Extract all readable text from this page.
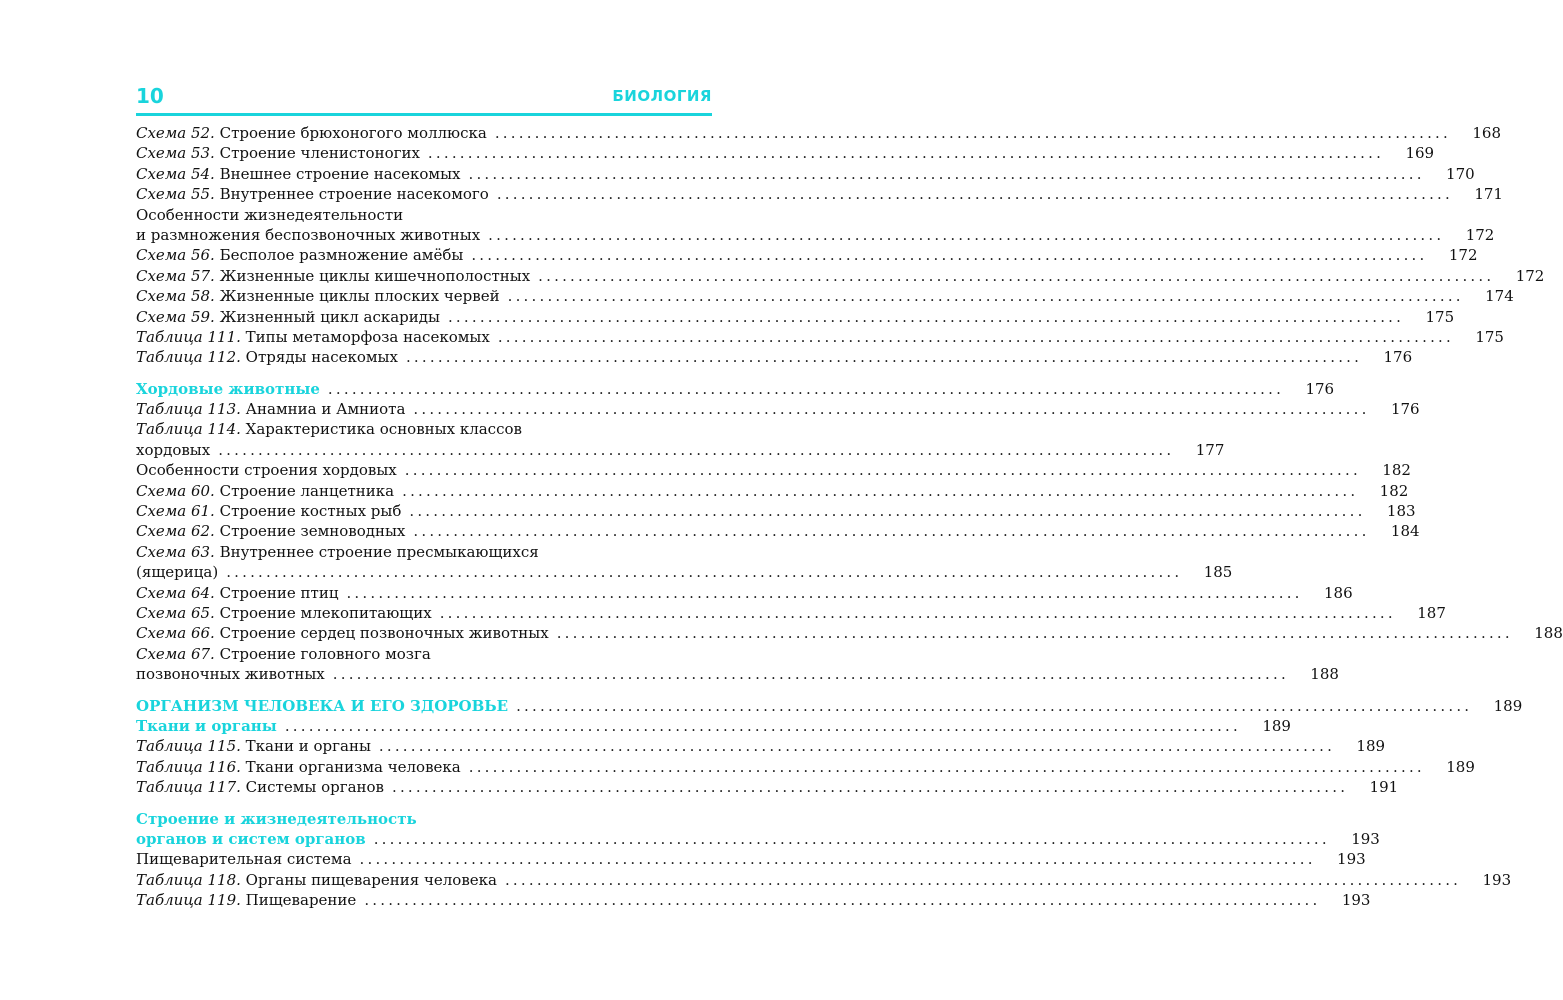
10	БИОЛОГИЯ
Схема 52. Строение брюхоногого моллюска ........................................................................................................................	168
Схема 53. Строение членистоногих ........................................................................................................................	169
Схема 54. Внешнее строение насекомых ........................................................................................................................	170
Схема 55. Внутреннее строение насекомого ........................................................................................................................	171
Особенности жизнедеятельности
и размножения беспозвоночных животных ........................................................................................................................	172
Схема 56. Бесполое размножение амёбы ........................................................................................................................	172
Схема 57. Жизненные циклы кишечнополостных ........................................................................................................................	172
Схема 58. Жизненные циклы плоских червей ........................................................................................................................	174
Схема 59. Жизненный цикл аскариды ........................................................................................................................	175
Таблица 111. Типы метаморфоза насекомых ........................................................................................................................	175
Таблица 112. Отряды насекомых ........................................................................................................................	176
Хордовые животные ........................................................................................................................	176
Таблица 113. Анамниа и Амниота ........................................................................................................................	176
Таблица 114. Характеристика основных классов
хордовых ........................................................................................................................	177
Особенности строения хордовых ........................................................................................................................	182
Схема 60. Строение ланцетника ........................................................................................................................	182
Схема 61. Строение костных рыб ........................................................................................................................	183
Схема 62. Строение земноводных ........................................................................................................................	184
Схема 63. Внутреннее строение пресмыкающихся
(ящерица) ........................................................................................................................	185
Схема 64. Строение птиц ........................................................................................................................	186
Схема 65. Строение млекопитающих ........................................................................................................................	187
Схема 66. Строение сердец позвоночных животных ........................................................................................................................	188
Схема 67. Строение головного мозга
позвоночных животных ........................................................................................................................	188
ОРГАНИЗМ ЧЕЛОВЕКА И ЕГО ЗДОРОВЬЕ ........................................................................................................................	189
Ткани и органы ........................................................................................................................	189
Таблица 115. Ткани и органы ........................................................................................................................	189
Таблица 116. Ткани организма человека ........................................................................................................................	189
Таблица 117. Системы органов ........................................................................................................................	191
Строение и жизнедеятельность
органов и систем органов ........................................................................................................................	193
Пищеварительная система ........................................................................................................................	193
Таблица 118. Органы пищеварения человека ........................................................................................................................	193
Таблица 119. Пищеварение ........................................................................................................................	193
